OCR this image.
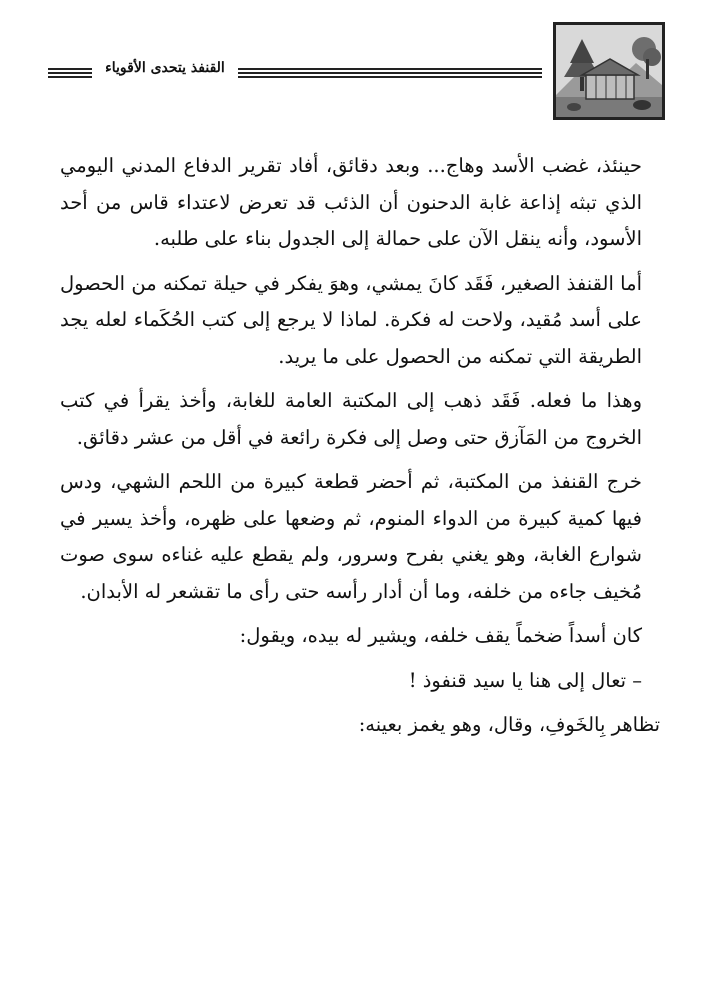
القنفذ يتحدى الأقوياء

حينئذ، غضب الأسد وهاج... وبعد دقائق، أفاد تقرير الدفاع المدني اليومي الذي تبثه إذاعة غابة الدحنون أن الذئب قد تعرض لاعتداء قاس من أحد الأسود، وأنه ينقل الآن على حمالة إلى الجدول بناء على طلبه.

أما القنفذ الصغير، فَقَد كانَ يمشي، وهوَ يفكر في حيلة تمكنه من الحصول على أسد مُقيد، ولاحت له فكرة. لماذا لا يرجع إلى كتب الحُكَماء لعله يجد الطريقة التي تمكنه من الحصول على ما يريد.

وهذا ما فعله. فَقَد ذهب إلى المكتبة العامة للغابة، وأخذ يقرأ في كتب الخروج من المَآزق حتى وصل إلى فكرة رائعة في أقل من عشر دقائق.

خرج القنفذ من المكتبة، ثم أحضر قطعة كبيرة من اللحم الشهي، ودس فيها كمية كبيرة من الدواء المنوم، ثم وضعها على ظهره، وأخذ يسير في شوارع الغابة، وهو يغني بفرح وسرور، ولم يقطع عليه غناءه سوى صوت مُخيف جاءه من خلفه، وما أن أدار رأسه حتى رأى ما تقشعر له الأبدان.

كان أسداً ضخماً يقف خلفه، ويشير له بيده، ويقول:

– تعال إلى هنا يا سيد قنفوذ !

تظاهر بِالخَوفِ، وقال، وهو يغمز بعينه:
